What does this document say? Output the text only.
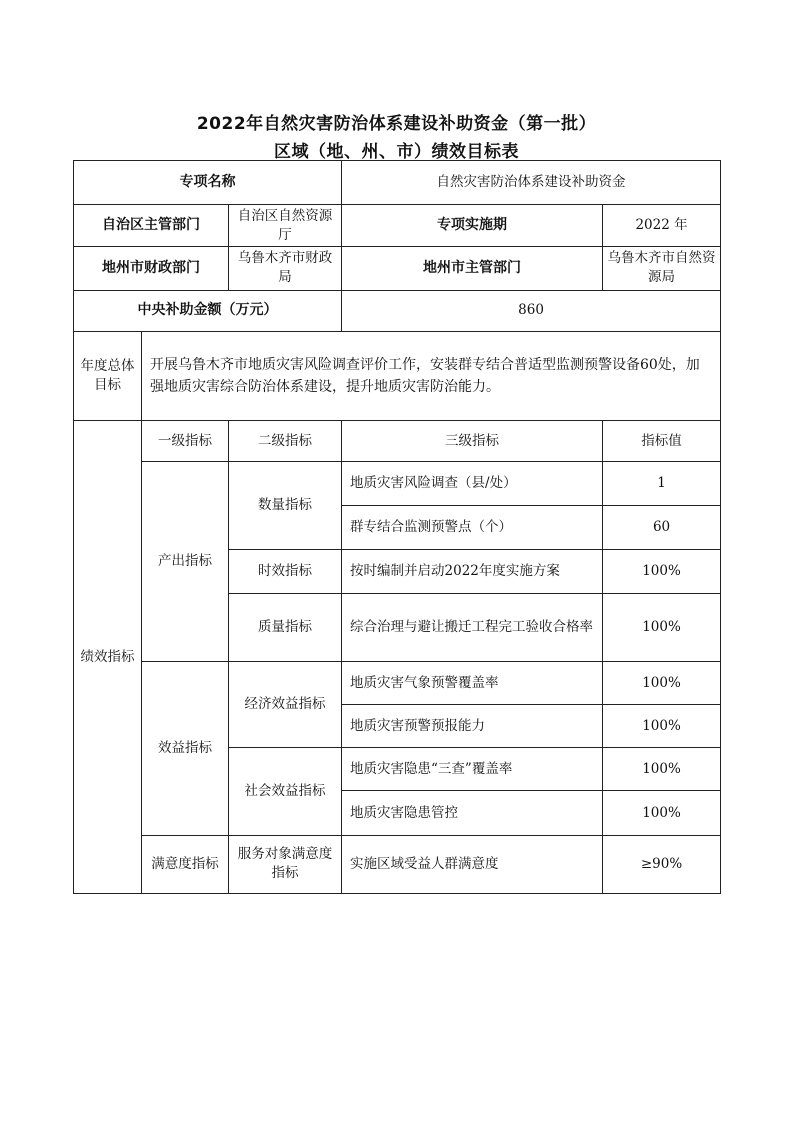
2022年自然灾害防治体系建设补助资金（第一批）
区域（地、州、市）绩效目标表
专项名称			自然灾害防治体系建设补助资金	
自治区主管部门		自治区自然资源厅	专项实施期	2022 年
地州市财政部门		乌鲁木齐市财政局	地州市主管部门	乌鲁木齐市自然资源局
中央补助金额（万元）			860	
年度总体目标	开展乌鲁木齐市地质灾害风险调查评价工作，安装群专结合普适型监测预警设备60处，加强地质灾害综合防治体系建设，提升地质灾害防治能力。			
绩效指标	一级指标	二级指标	三级指标	指标值
	产出指标	数量指标	地质灾害风险调查（县/处）	1
			群专结合监测预警点（个）	60
		时效指标	按时编制并启动2022年度实施方案	100%
		质量指标	综合治理与避让搬迁工程完工验收合格率	100%
	效益指标	经济效益指标	地质灾害气象预警覆盖率	100%
			地质灾害预警预报能力	100%
		社会效益指标	地质灾害隐患“三查”覆盖率	100%
			地质灾害隐患管控	100%
	满意度指标	服务对象满意度指标	实施区域受益人群满意度	≥90%
